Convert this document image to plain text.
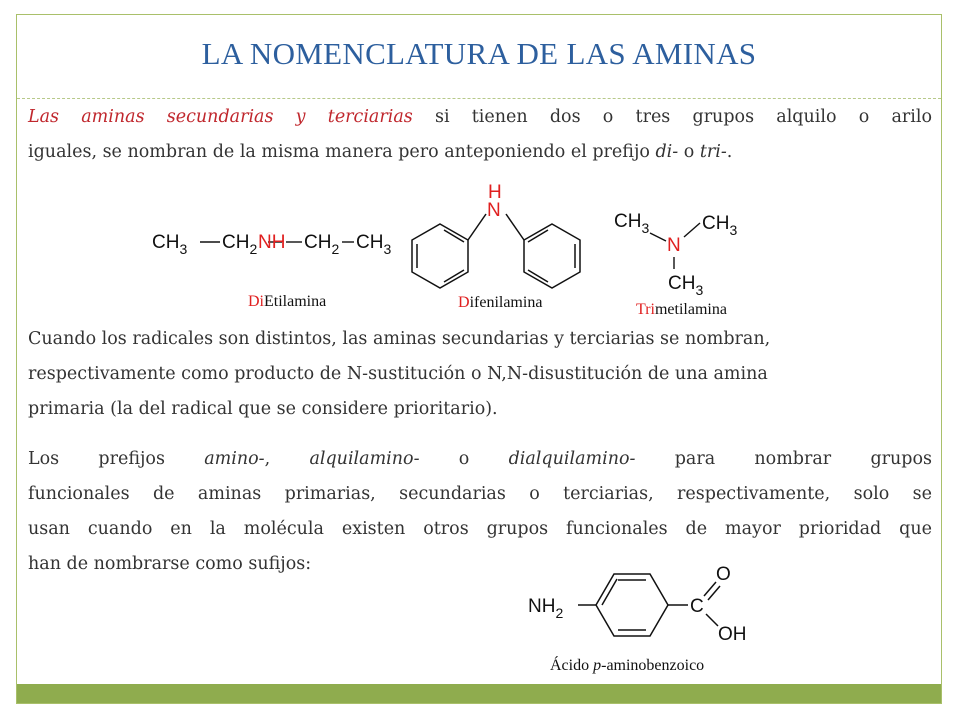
LA NOMENCLATURA DE LAS AMINAS
Las aminas secundarias y terciarias si tienen dos o tres grupos alquilo o arilo
iguales, se nombran de la misma manera pero anteponiendo el prefijo di- o tri-.
$CH_3$ $CH_2$ NH $CH_2$ $CH_3$
DiEtilamina
H
N
Difenilamina
$CH_3$	$CH_3$
N
$CH_3$
Trimetilamina
Cuando los radicales son distintos, las aminas secundarias y terciarias se nombran,
respectivamente como producto de N-sustitución o N,N-disustitución de una amina
primaria (la del radical que se considere prioritario).
Los prefijos amino-, alquilamino- o dialquilamino- para nombrar grupos
funcionales de aminas primarias, secundarias o terciarias, respectivamente, solo se
usan cuando en la molécula existen otros grupos funcionales de mayor prioridad que
han de nombrarse como sufijos:
$NH_2$	C
O
OH
Ácido p-aminobenzoico
